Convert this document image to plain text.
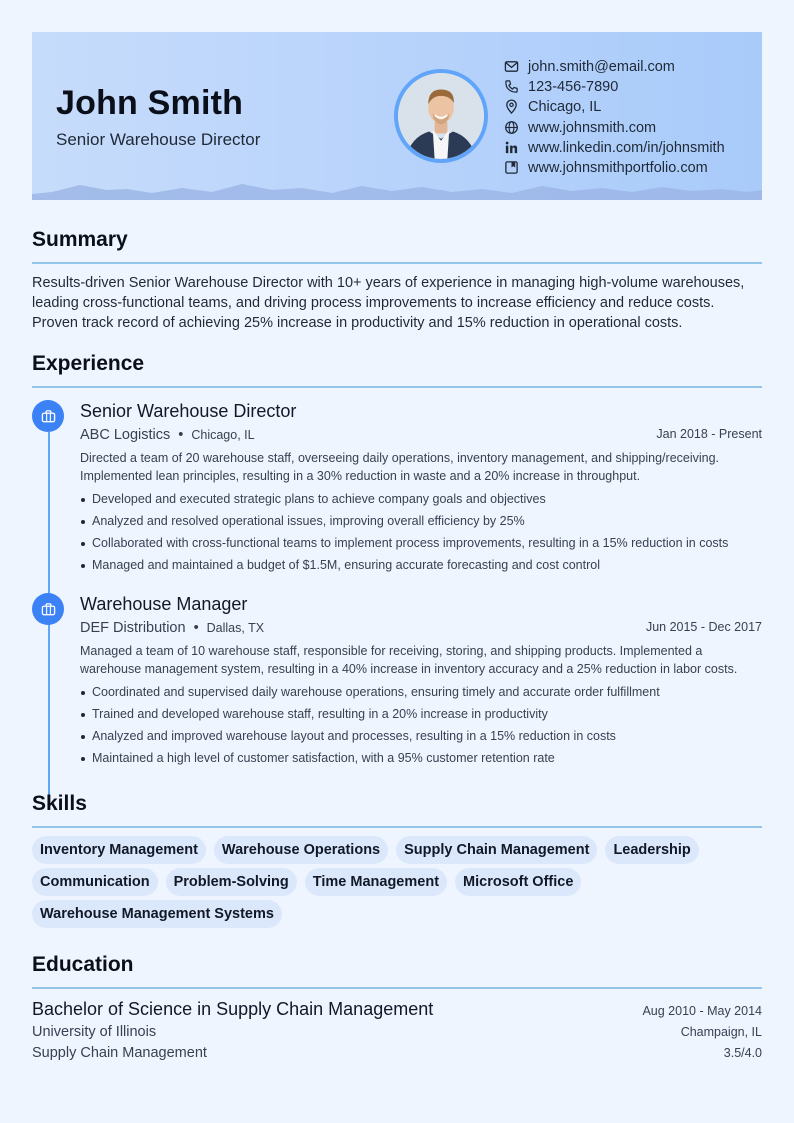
John Smith
Senior Warehouse Director
john.smith@email.com
123-456-7890
Chicago, IL
www.johnsmith.com
www.linkedin.com/in/johnsmith
www.johnsmithportfolio.com
Summary

Results-driven Senior Warehouse Director with 10+ years of experience in managing high-volume warehouses, leading cross-functional teams, and driving process improvements to increase efficiency and reduce costs. Proven track record of achieving 25% increase in productivity and 15% reduction in operational costs.

Experience
Senior Warehouse Director
ABC Logistics • Chicago, IL	Jan 2018 - Present

Directed a team of 20 warehouse staff, overseeing daily operations, inventory management, and shipping/receiving. Implemented lean principles, resulting in a 30% reduction in waste and a 20% increase in throughput.

Developed and executed strategic plans to achieve company goals and objectives
Analyzed and resolved operational issues, improving overall efficiency by 25%
Collaborated with cross-functional teams to implement process improvements, resulting in a 15% reduction in costs
Managed and maintained a budget of $1.5M, ensuring accurate forecasting and cost control
Warehouse Manager
DEF Distribution • Dallas, TX	Jun 2015 - Dec 2017

Managed a team of 10 warehouse staff, responsible for receiving, storing, and shipping products. Implemented a warehouse management system, resulting in a 40% increase in inventory accuracy and a 25% reduction in labor costs.

Coordinated and supervised daily warehouse operations, ensuring timely and accurate order fulfillment
Trained and developed warehouse staff, resulting in a 20% increase in productivity
Analyzed and improved warehouse layout and processes, resulting in a 15% reduction in costs
Maintained a high level of customer satisfaction, with a 95% customer retention rate
Skills
Inventory Management	Warehouse Operations	Supply Chain Management	Leadership
Communication	Problem-Solving	Time Management	Microsoft Office
Warehouse Management Systems
Education
Bachelor of Science in Supply Chain Management	Aug 2010 - May 2014
University of Illinois	Champaign, IL
Supply Chain Management	3.5/4.0
